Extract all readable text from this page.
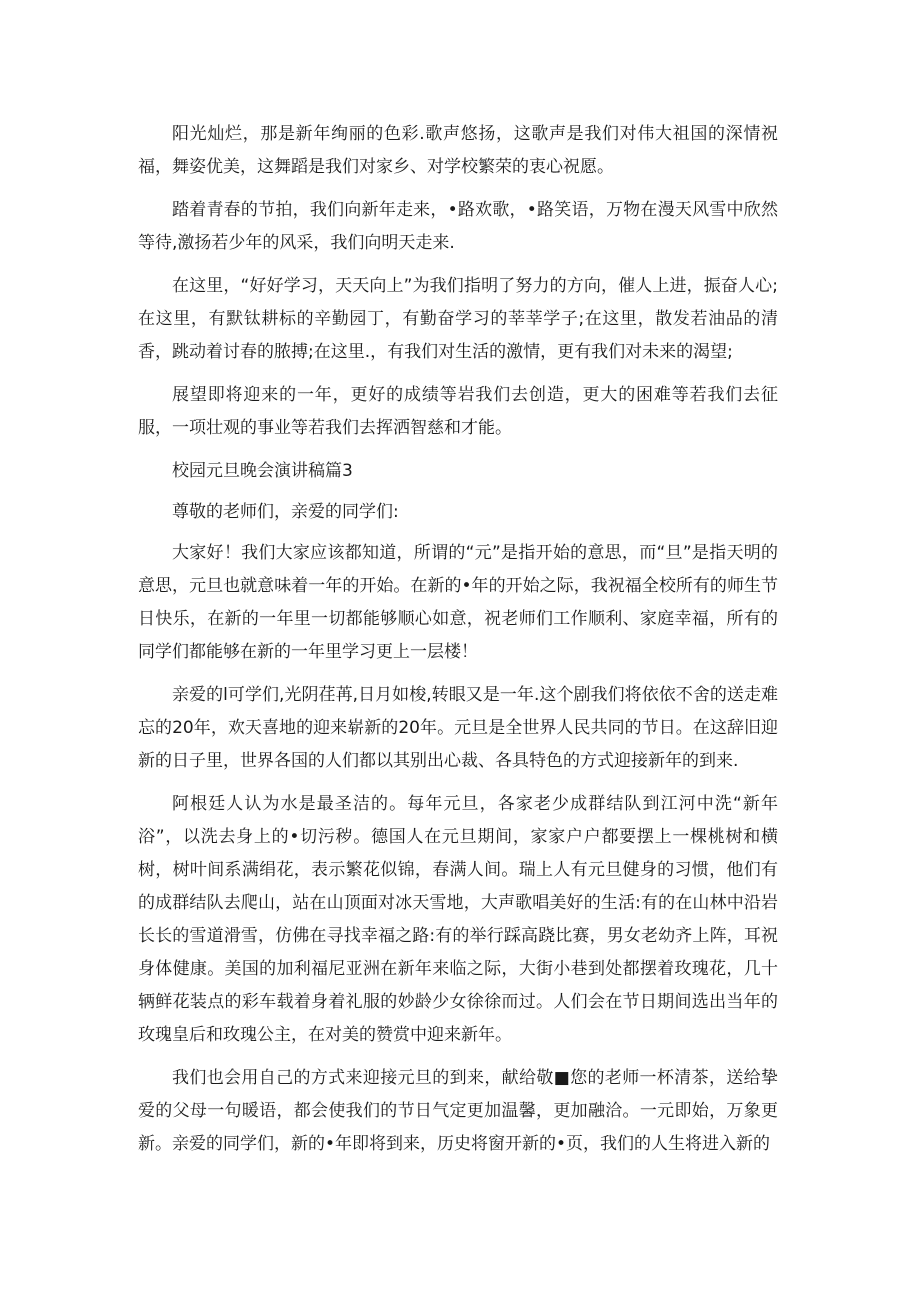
阳光灿烂，那是新年绚丽的色彩.歌声悠扬，这歌声是我们对伟大祖国的深情祝福，舞姿优美，这舞蹈是我们对家乡、对学校繁荣的衷心祝愿。

踏着青春的节拍，我们向新年走来，•路欢歌，•路笑语，万物在漫天风雪中欣然等待,激扬若少年的风采，我们向明天走来.

在这里，“好好学习，天天向上”为我们指明了努力的方向，催人上进，振奋人心;在这里，有默钛耕标的辛勤园丁，有勤奋学习的莘莘学子;在这里，散发若油品的清香，跳动着讨春的脓搏;在这里.，有我们对生活的激情，更有我们对未来的渴望;

展望即将迎来的一年，更好的成绩等岩我们去创造，更大的困难等若我们去征服，一项壮观的事业等若我们去挥洒智慈和才能。

校园元旦晚会演讲稿篇3

尊敬的老师们，亲爱的同学们:

大家好！我们大家应该都知道，所谓的“元”是指开始的意思，而“旦”是指天明的意思，元旦也就意味着一年的开始。在新的•年的开始之际，我祝福全校所有的师生节日快乐，在新的一年里一切都能够顺心如意，祝老师们工作顺利、家庭幸福，所有的同学们都能够在新的一年里学习更上一层楼！

亲爱的l可学们,光阴荏苒,日月如梭,转眼又是一年.这个剧我们将依依不舍的送走难忘的20年，欢天喜地的迎来崭新的20年。元旦是全世界人民共同的节日。在这辞旧迎新的日子里，世界各国的人们都以其别出心裁、各具特色的方式迎接新年的到来.

阿根廷人认为水是最圣洁的。每年元旦，各家老少成群结队到江河中洗“新年浴”，以洗去身上的•切污秽。德国人在元旦期间，家家户户都要摆上一棵桃树和横树，树叶间系满绢花，表示繁花似锦，春满人间。瑞上人有元旦健身的习惯，他们有的成群结队去爬山，站在山顶面对冰天雪地，大声歌唱美好的生活:有的在山林中沿岩长长的雪道滑雪，仿佛在寻找幸福之路:有的举行踩高跷比赛，男女老幼齐上阵，耳祝身体健康。美国的加利福尼亚洲在新年来临之际，大街小巷到处都摆着玫瑰花，几十辆鲜花装点的彩车载着身着礼服的妙龄少女徐徐而过。人们会在节日期间选出当年的玫瑰皇后和玫瑰公主，在对美的赞赏中迎来新年。

我们也会用自己的方式来迎接元旦的到来，献给敬■您的老师一杯清茶，送给挚爱的父母一句暖语，都会使我们的节日气定更加温馨，更加融洽。一元即始，万象更新。亲爱的同学们，新的•年即将到来，历史将窗开新的•页，我们的人生将进入新的
